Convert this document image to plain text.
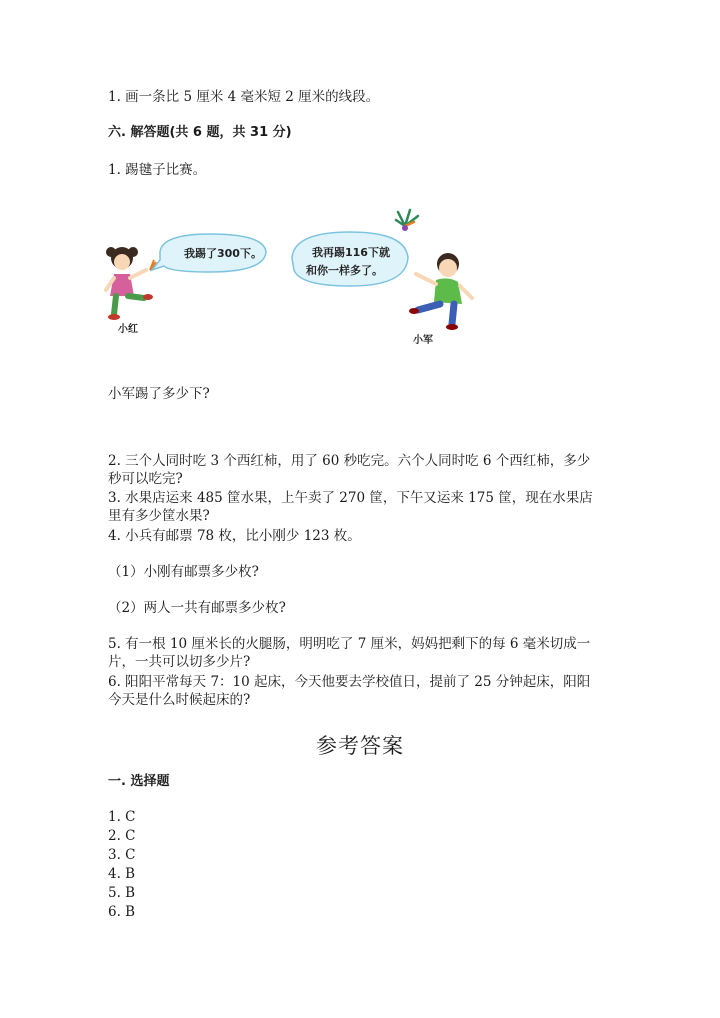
1. 画一条比 5 厘米 4 毫米短 2 厘米的线段。
六. 解答题(共 6 题，共 31 分)
1. 踢毽子比赛。
小红
我踢了300下。	我再踢116下就
和你一样多了。
小军
小军踢了多少下?
2. 三个人同时吃 3 个西红柿，用了 60 秒吃完。六个人同时吃 6 个西红柿，多少
秒可以吃完?
3. 水果店运来 485 筐水果，上午卖了 270 筐，下午又运来 175 筐，现在水果店
里有多少筐水果?
4. 小兵有邮票 78 枚，比小刚少 123 枚。
（1）小刚有邮票多少枚?
（2）两人一共有邮票多少枚?
5. 有一根 10 厘米长的火腿肠，明明吃了 7 厘米，妈妈把剩下的每 6 毫米切成一
片，一共可以切多少片?
6. 阳阳平常每天 7：10 起床，今天他要去学校值日，提前了 25 分钟起床，阳阳
今天是什么时候起床的?
参考答案
一. 选择题
1. C
2. C
3. C
4. B
5. B
6. B
